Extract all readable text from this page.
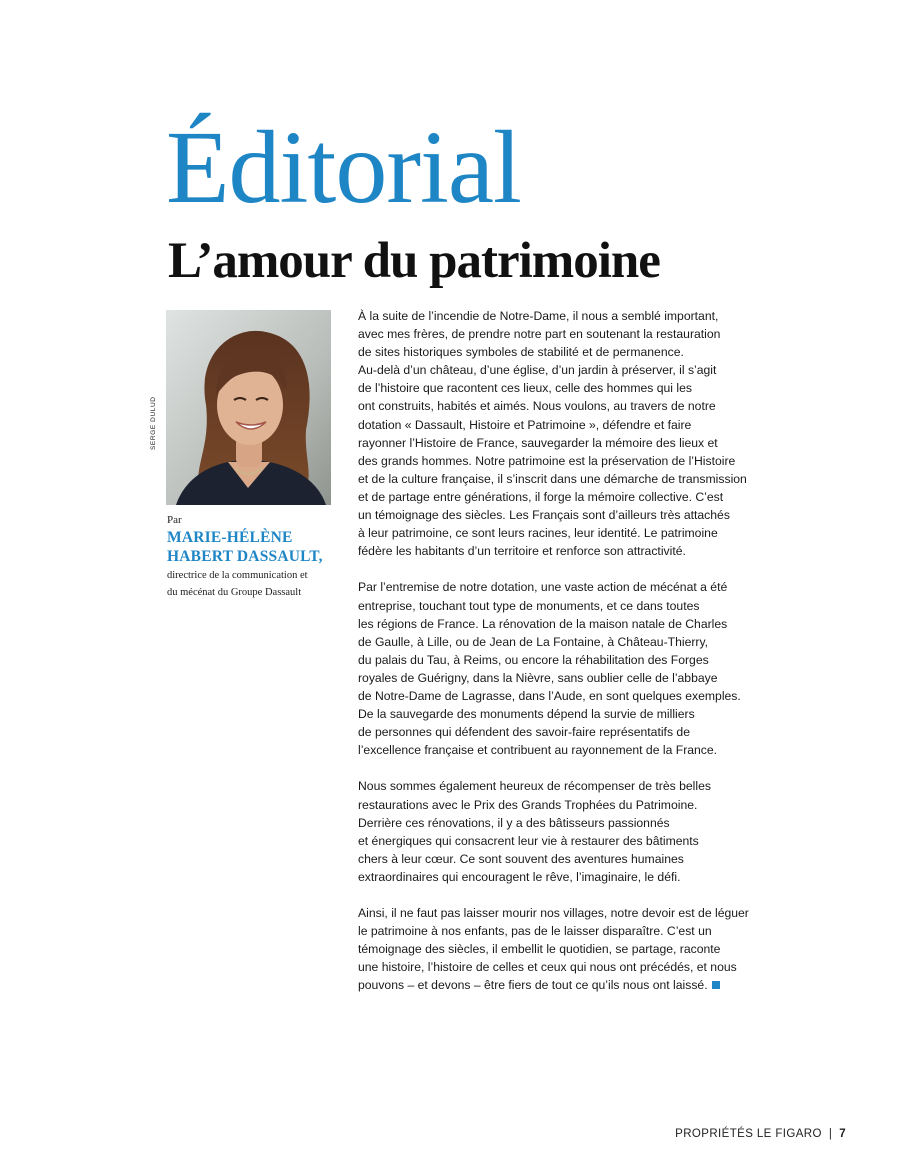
Éditorial
L’amour du patrimoine
SERGE DULUD
Par
MARIE-HÉLÈNE
HABERT DASSAULT,
directrice de la communication et
du mécénat du Groupe Dassault

À la suite de l’incendie de Notre-Dame, il nous a semblé important,
avec mes frères, de prendre notre part en soutenant la restauration
de sites historiques symboles de stabilité et de permanence.
Au-delà d’un château, d’une église, d’un jardin à préserver, il s’agit
de l’histoire que racontent ces lieux, celle des hommes qui les
ont construits, habités et aimés. Nous voulons, au travers de notre
dotation « Dassault, Histoire et Patrimoine », défendre et faire
rayonner l’Histoire de France, sauvegarder la mémoire des lieux et
des grands hommes. Notre patrimoine est la préservation de l’Histoire
et de la culture française, il s’inscrit dans une démarche de transmission
et de partage entre générations, il forge la mémoire collective. C’est
un témoignage des siècles. Les Français sont d’ailleurs très attachés
à leur patrimoine, ce sont leurs racines, leur identité. Le patrimoine
fédère les habitants d’un territoire et renforce son attractivité.

Par l’entremise de notre dotation, une vaste action de mécénat a été
entreprise, touchant tout type de monuments, et ce dans toutes
les régions de France. La rénovation de la maison natale de Charles
de Gaulle, à Lille, ou de Jean de La Fontaine, à Château-Thierry,
du palais du Tau, à Reims, ou encore la réhabilitation des Forges
royales de Guérigny, dans la Nièvre, sans oublier celle de l’abbaye
de Notre-Dame de Lagrasse, dans l’Aude, en sont quelques exemples.
De la sauvegarde des monuments dépend la survie de milliers
de personnes qui défendent des savoir-faire représentatifs de
l’excellence française et contribuent au rayonnement de la France.

Nous sommes également heureux de récompenser de très belles
restaurations avec le Prix des Grands Trophées du Patrimoine.
Derrière ces rénovations, il y a des bâtisseurs passionnés
et énergiques qui consacrent leur vie à restaurer des bâtiments
chers à leur cœur. Ce sont souvent des aventures humaines
extraordinaires qui encouragent le rêve, l’imaginaire, le défi.

Ainsi, il ne faut pas laisser mourir nos villages, notre devoir est de léguer
le patrimoine à nos enfants, pas de le laisser disparaître. C’est un
témoignage des siècles, il embellit le quotidien, se partage, raconte
une histoire, l’histoire de celles et ceux qui nous ont précédés, et nous
pouvons – et devons – être fiers de tout ce qu’ils nous ont laissé.

PROPRIÉTÉS LE FIGARO | 7
